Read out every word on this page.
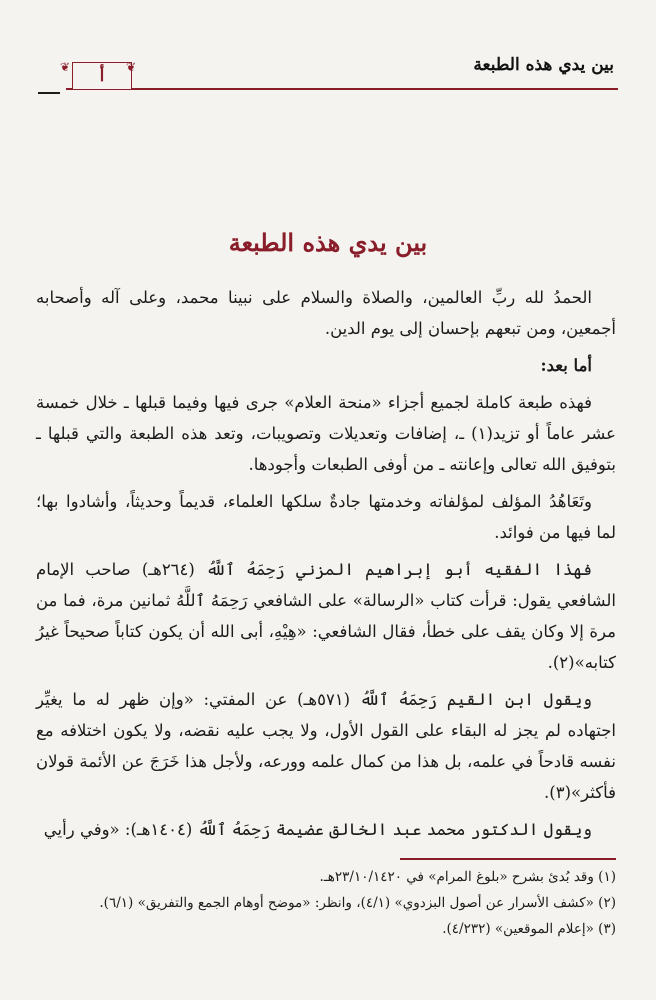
بين يدي هذه الطبعة
❦	أ	❦
بين يدي هذه الطبعة

الحمدُ لله ربِّ العالمين، والصلاة والسلام على نبينا محمد، وعلى آله وأصحابه أجمعين، ومن تبعهم بإحسان إلى يوم الدين.

أما بعد:

فهذه طبعة كاملة لجميع أجزاء «منحة العلام» جرى فيها وفيما قبلها ـ خلال خمسة عشر عاماً أو تزيد(١) ـ، إضافات وتعديلات وتصويبات، وتعد هذه الطبعة والتي قبلها ـ بتوفيق الله تعالى وإعانته ـ من أوفى الطبعات وأجودها.

وتَعَاهُدُ المؤلف لمؤلفاته وخدمتها جادةٌ سلكها العلماء، قديماً وحديثاً، وأشادوا بها؛ لما فيها من فوائد.

فهذا الفقيه أبو إبراهيم المزني رَحِمَهُ ٱللَّهُ (٢٦٤هـ) صاحب الإمام الشافعي يقول: قرأت كتاب «الرسالة» على الشافعي رَحِمَهُ ٱللَّهُ ثمانين مرة، فما من مرة إلا وكان يقف على خطأ، فقال الشافعي: «هِيْهِ، أبى الله أن يكون كتاباً صحيحاً غيرُ كتابه»(٢).

ويقول ابن القيم رَحِمَهُ ٱللَّهُ (٥٧١هـ) عن المفتي: «وإن ظهر له ما يغيِّر اجتهاده لم يجز له البقاء على القول الأول، ولا يجب عليه نقضه، ولا يكون اختلافه مع نفسه قادحاً في علمه، بل هذا من كمال علمه وورعه، ولأجل هذا خَرَجَ عن الأئمة قولان فأكثر»(٣).

ويقول الدكتور محمد عبد الخالق عضيمة رَحِمَهُ ٱللَّهُ (١٤٠٤هـ): «وفي رأيي

(١) وقد بُدئ بشرح «بلوغ المرام» في ٢٣/١٠/١٤٢٠هـ.

(٢) «كشف الأسرار عن أصول البزدوي» (٤/١)، وانظر: «موضح أوهام الجمع والتفريق» (٦/١).

(٣) «إعلام الموقعين» (٤/٢٣٢).
